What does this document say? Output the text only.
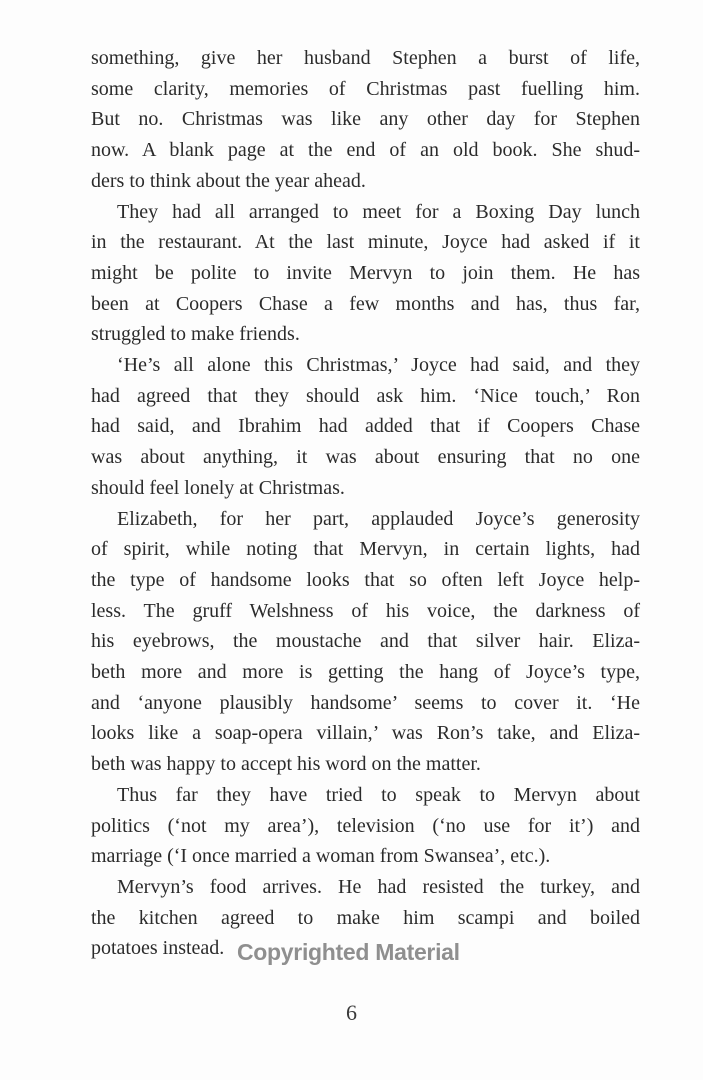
something, give her husband Stephen a burst of life,
some clarity, memories of Christmas past fuelling him.
But no. Christmas was like any other day for Stephen
now. A blank page at the end of an old book. She shud-
ders to think about the year ahead.
They had all arranged to meet for a Boxing Day lunch
in the restaurant. At the last minute, Joyce had asked if it
might be polite to invite Mervyn to join them. He has
been at Coopers Chase a few months and has, thus far,
struggled to make friends.
‘He’s all alone this Christmas,’ Joyce had said, and they
had agreed that they should ask him. ‘Nice touch,’ Ron
had said, and Ibrahim had added that if Coopers Chase
was about anything, it was about ensuring that no one
should feel lonely at Christmas.
Elizabeth, for her part, applauded Joyce’s generosity
of spirit, while noting that Mervyn, in certain lights, had
the type of handsome looks that so often left Joyce help-
less. The gruff Welshness of his voice, the darkness of
his eyebrows, the moustache and that silver hair. Eliza-
beth more and more is getting the hang of Joyce’s type,
and ‘anyone plausibly handsome’ seems to cover it. ‘He
looks like a soap-opera villain,’ was Ron’s take, and Eliza-
beth was happy to accept his word on the matter.
Thus far they have tried to speak to Mervyn about
politics (‘not my area’), television (‘no use for it’) and
marriage (‘I once married a woman from Swansea’, etc.).
Mervyn’s food arrives. He had resisted the turkey, and
the kitchen agreed to make him scampi and boiled
potatoes instead. Copyrighted Material
6
